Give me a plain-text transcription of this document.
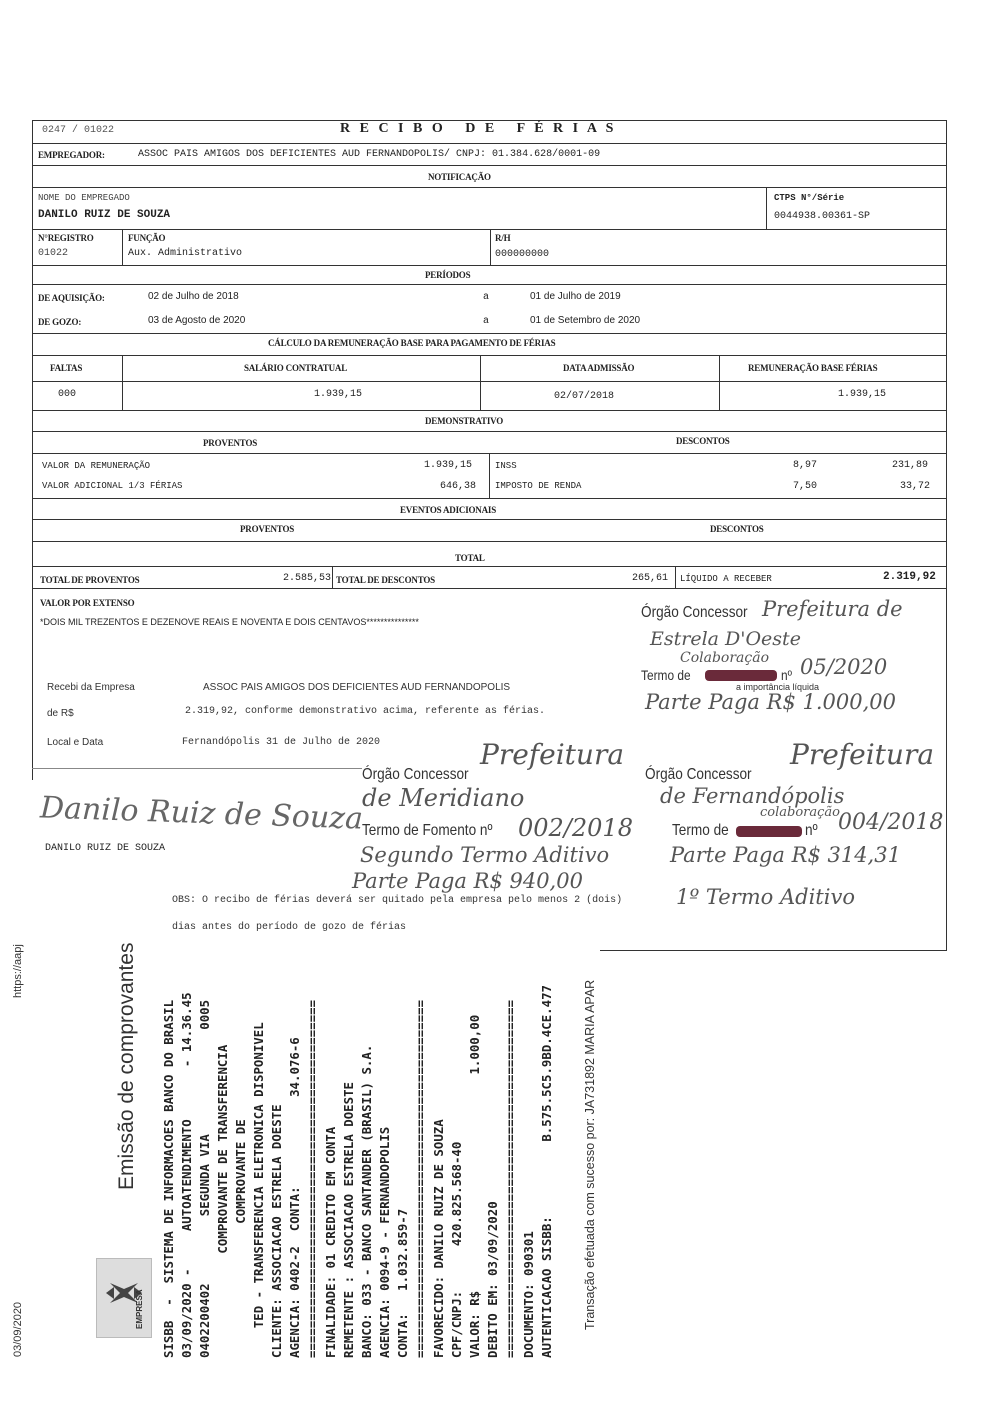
0247 / 01022	R E C I B O   D E   F É R I A S
EMPREGADOR:	ASSOC PAIS AMIGOS DOS DEFICIENTES AUD FERNANDOPOLIS/ CNPJ: 01.384.628/0001-09
NOTIFICAÇÃO
NOME DO EMPREGADO
DANILO RUIZ DE SOUZA
CTPS N°/Série
0044938.00361-SP
N°REGISTRO
01022
FUNÇÃO
Aux. Administrativo
R/H
000000000
PERÍODOS
DE AQUISIÇÃO:	02 de Julho de 2018	a	01 de Julho de 2019
DE GOZO:	03 de Agosto de 2020	a	01 de Setembro de 2020
CÁLCULO DA REMUNERAÇÃO BASE PARA PAGAMENTO DE FÉRIAS
FALTAS	SALÁRIO CONTRATUAL	DATA ADMISSÃO	REMUNERAÇÃO BASE FÉRIAS
000	1.939,15	02/07/2018	1.939,15
DEMONSTRATIVO
PROVENTOS	DESCONTOS
VALOR DA REMUNERAÇÃO	1.939,15
VALOR ADICIONAL 1/3 FÉRIAS	646,38
INSS	8,97	231,89
IMPOSTO DE RENDA	7,50	33,72
EVENTOS ADICIONAIS
PROVENTOS	DESCONTOS
TOTAL
TOTAL DE PROVENTOS	2.585,53 TOTAL DE DESCONTOS	265,61 LÍQUIDO A RECEBER	2.319,92
VALOR POR EXTENSO
*DOIS MIL TREZENTOS E DEZENOVE REAIS E NOVENTA E DOIS CENTAVOS***************
Recebi da Empresa	ASSOC PAIS AMIGOS DOS DEFICIENTES AUD FERNANDOPOLIS
de R$	2.319,92, conforme demonstrativo acima, referente as férias.
Local e Data	Fernandópolis 31 de Julho de 2020
DANILO RUIZ DE SOUZA
OBS: O recibo de férias deverá ser quitado pela empresa pelo menos 2 (dois)
dias antes do período de gozo de férias
Danilo Ruiz de Souza
Órgão Concessor Prefeitura de
Estrela D'Oeste
Colaboração
Termo de	nº 05/2020
a importância líquida
Parte Paga R$ 1.000,00
Órgão Concessor
Prefeitura
de Meridiano
Termo de Fomento nº 002/2018
Segundo Termo Aditivo
Parte Paga R$ 940,00
Órgão Concessor
Prefeitura
de Fernandópolis
colaboração
Termo de	nº 004/2018
Parte Paga R$ 314,31
1º Termo Aditivo
SISBB  -  SISTEMA DE INFORMACOES BANCO DO BRASIL 03/09/2020 -     AUTOATENDIMENTO       - 14.36.45 0402200402         SEGUNDA VIA              0005 COMPROVANTE DE TRANSFERENCIA COMPROVANTE DE TED - TRANSFERENCIA ELETRONICA DISPONIVEL CLIENTE: ASSOCIACAO ESTRELA DOESTE AGENCIA: 0402-2  CONTA:            34.076-6 ================================================ FINALIDADE: 01 CREDITO EM CONTA REMETENTE : ASSOCIACAO ESTRELA DOESTE BANCO: 033 - BANCO SANTANDER (BRASIL) S.A. AGENCIA: 0094-9 - FERNANDOPOLIS CONTA:   1.032.859-7 ================================================ FAVORECIDO: DANILO RUIZ DE SOUZA CPF/CNPJ:      420.825.568-40 VALOR: R$                             1.000,00 DEBITO EM: 03/09/2020 ================================================ DOCUMENTO: 090301 AUTENTICACAO SISBB:          B.575.5C5.9BD.4CE.477
Emissão de comprovantes
EMPRESA	Transação efetuada com sucesso por: JA731892 MARIA APAR
https://aapj
03/09/2020
